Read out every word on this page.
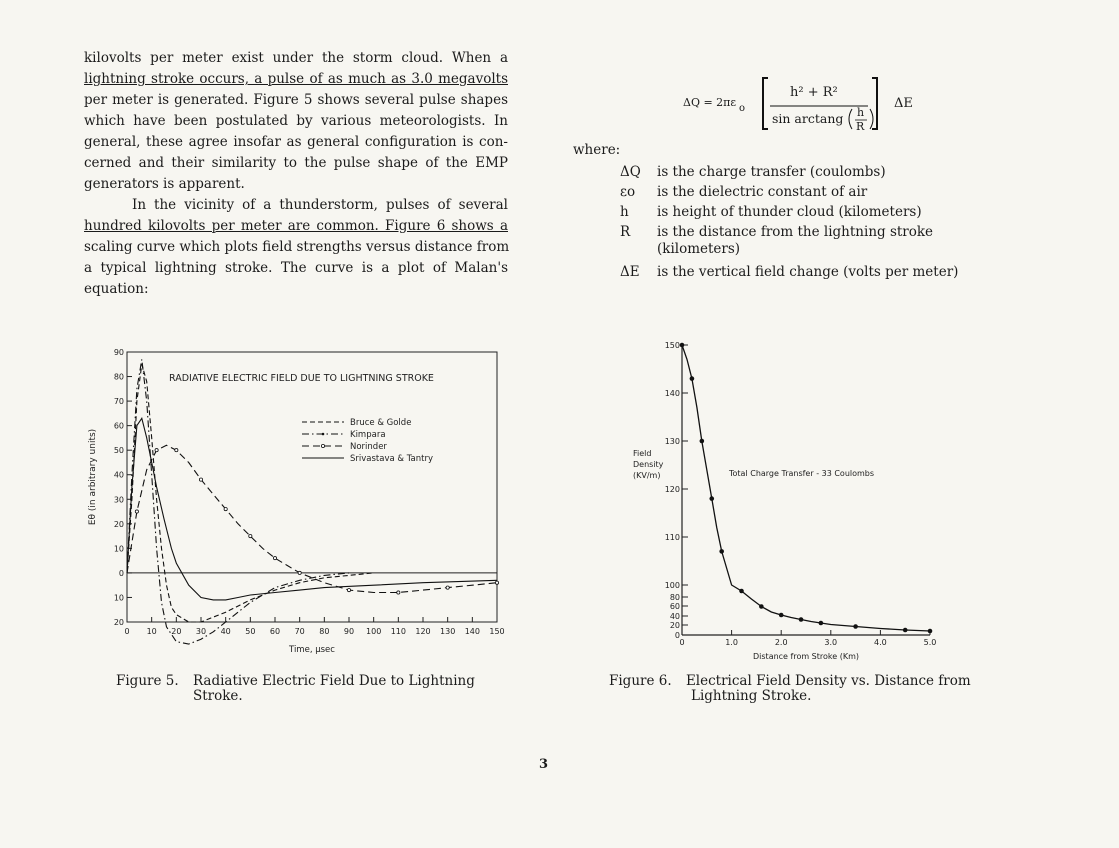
kilovolts per meter exist under the storm cloud. When a
lightning stroke occurs, a pulse of as much as 3.0 megavolts
per meter is generated. Figure 5 shows several pulse shapes
which have been postulated by various meteorologists. In
general, these agree insofar as general configuration is con-
cerned and their similarity to the pulse shape of the EMP
generators is apparent.
In the vicinity of a thunderstorm, pulses of several
hundred kilovolts per meter are common. Figure 6 shows a
scaling curve which plots field strengths versus distance from
a typical lightning stroke. The curve is a plot of Malan's
equation:
ΔQ = 2πε o
h² + R²
sin arctang h
R
ΔE
where:
ΔQ	is the charge transfer (coulombs)
εo	is the dielectric constant of air
h	is height of thunder cloud (kilometers)
R	is the distance from the lightning stroke
(kilometers)
ΔE	is the vertical field change (volts per meter)
90
80
70
60
50
40
30
20
10
0
10
20
0 10 20 30 40 50 60 70 80 90 100 110 120 130 140 150
RADIATIVE ELECTRIC FIELD DUE TO LIGHTNING STROKE
Time, μsec
Eθ (in arbitrary units)
Bruce & Golde
Kimpara
Norinder
Srivastava & Tantry
150
140
130
120
110
100
80
60
40
20
0
0	1.0	2.0	3.0	4.0	5.0
Field
Density
(KV/m)
Distance from Stroke (Km)
Total Charge Transfer - 33 Coulombs
Figure 5. Radiative Electric Field Due to Lightning
Stroke.
Figure 6. Electrical Field Density vs. Distance from
Lightning Stroke.
3
